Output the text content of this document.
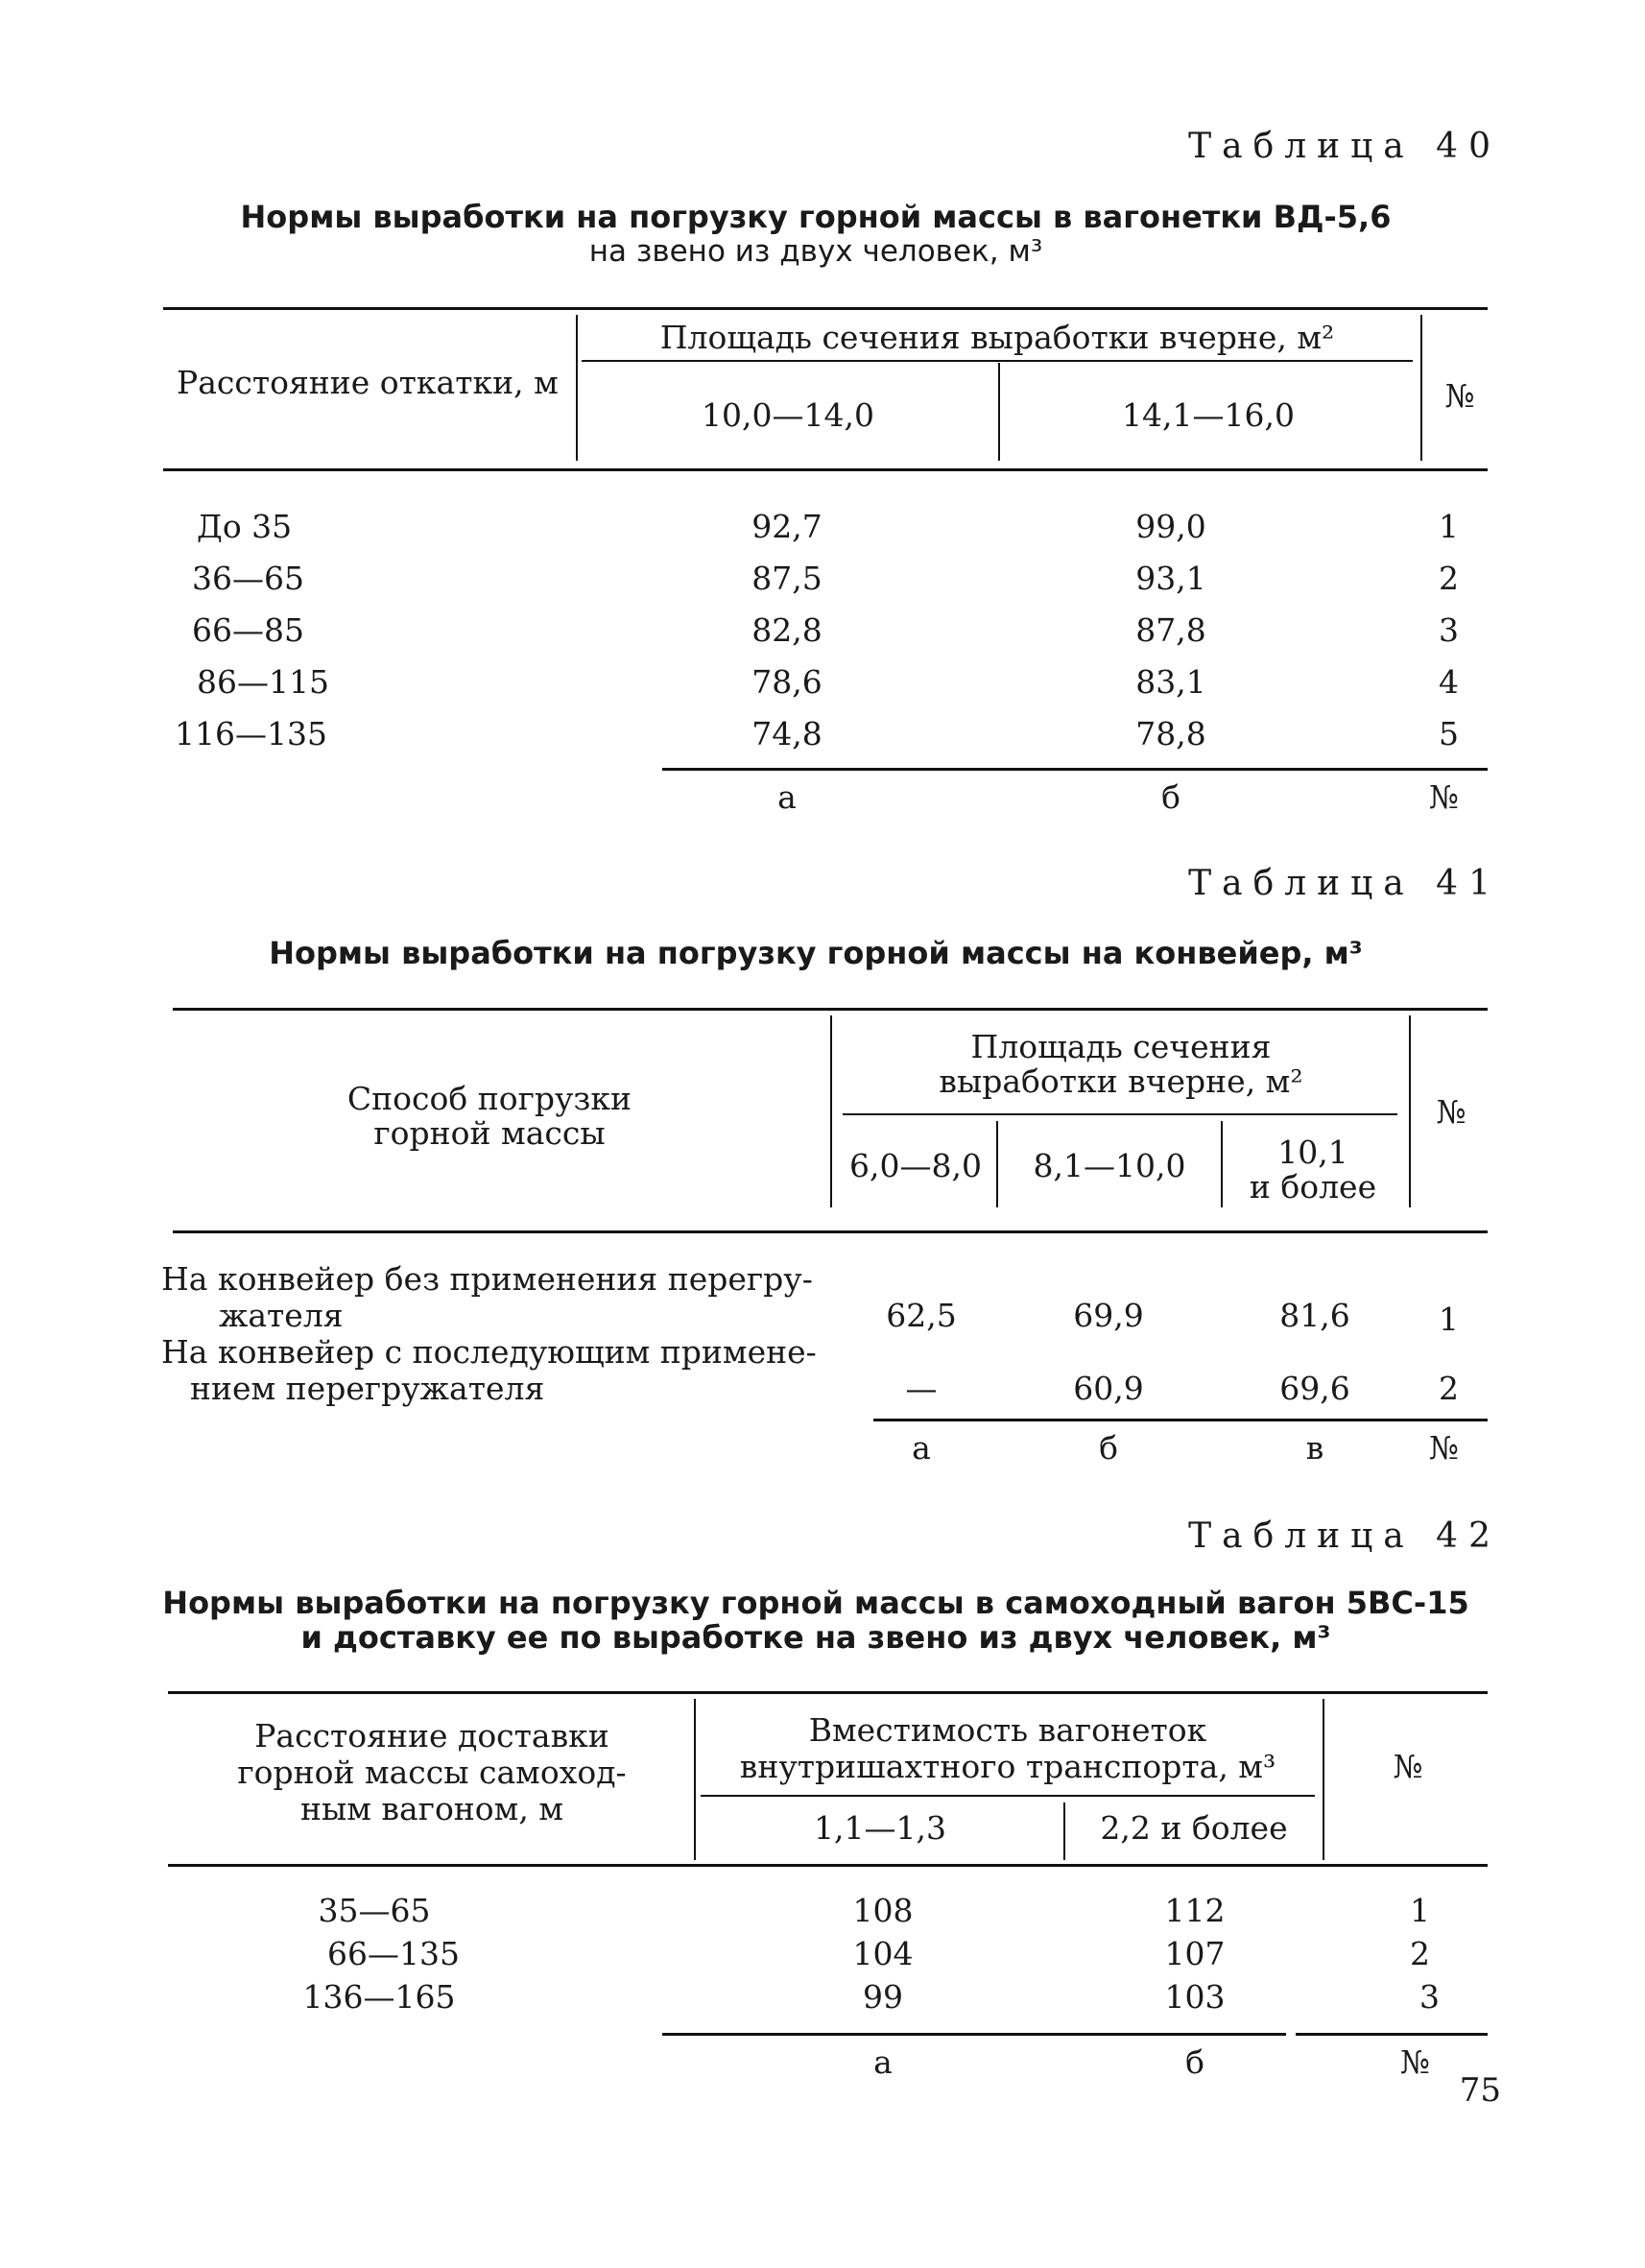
Таблица 40
Нормы выработки на погрузку горной массы в вагонетки ВД-5,6
на звено из двух человек, м³
Расстояние откатки, м
Площадь сечения выработки вчерне, м²
10,0—14,0	14,1—16,0
№
До 35	92,7	99,0	1
36—65	87,5	93,1	2
66—85	82,8	87,8	3
86—115	78,6	83,1	4
116—135	74,8	78,8	5
а	б	№
Таблица 41
Нормы выработки на погрузку горной массы на конвейер, м³
Способ погрузки
горной массы
Площадь сечения
выработки вчерне, м²
6,0—8,0	8,1—10,0	10,1
и более
№
На конвейер без применения перегру-
жателя	62,5	69,9	81,6	1
На конвейер с последующим примене-
нием перегружателя	—	60,9	69,6	2
а	б	в	№
Таблица 42
Нормы выработки на погрузку горной массы в самоходный вагон 5ВС-15
и доставку ее по выработке на звено из двух человек, м³
Расстояние доставки
горной массы самоход-
ным вагоном, м
Вместимость вагонеток
внутришахтного транспорта, м³
1,1—1,3	2,2 и более
№
35—65	108	112	1
66—135	104	107	2
136—165	99	103	3
а	б	№
75
